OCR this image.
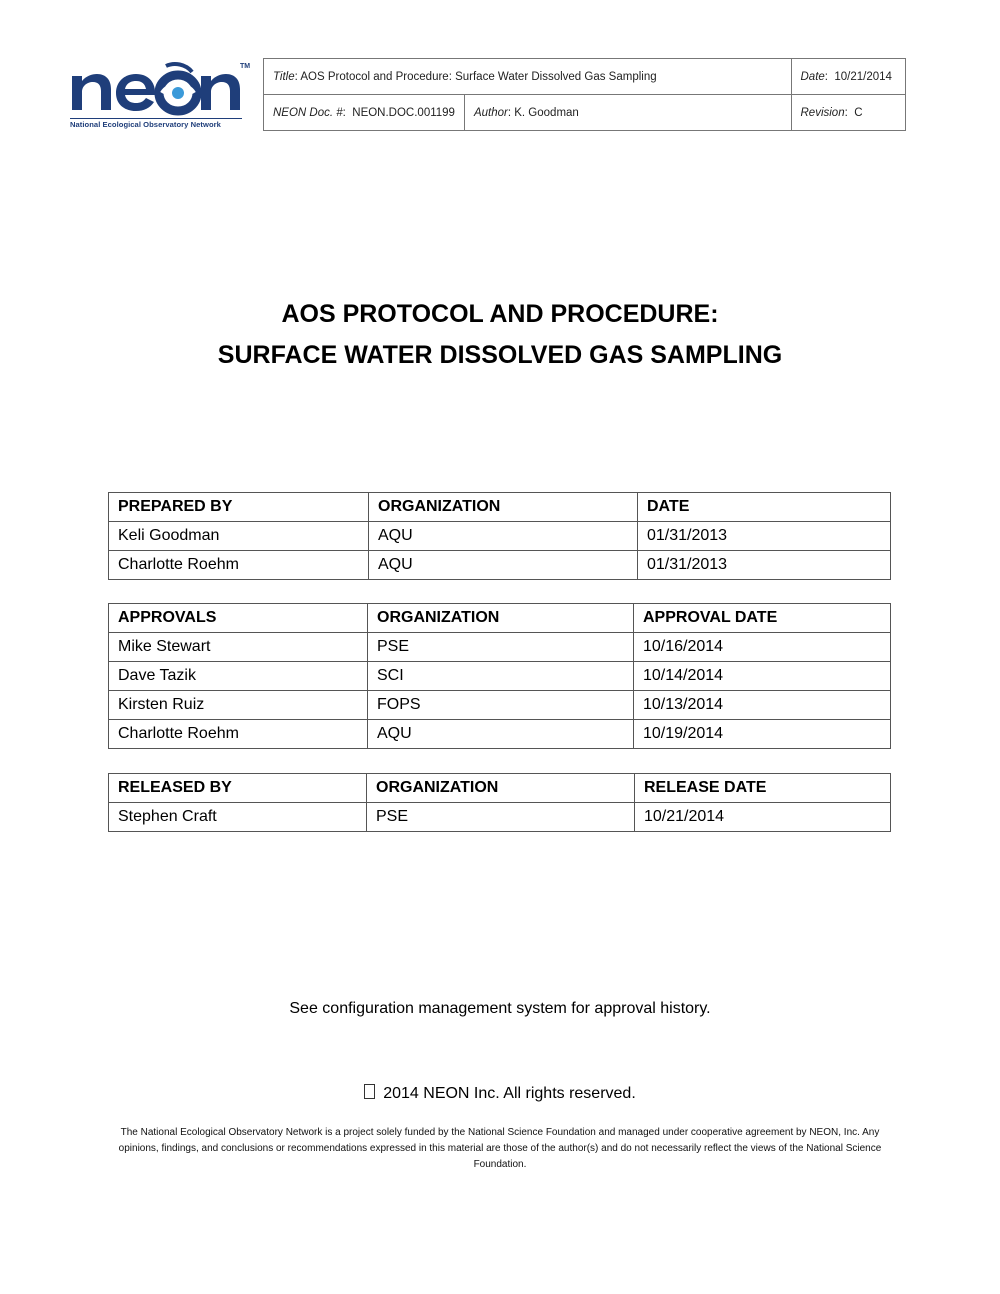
TM
National Ecological Observatory Network
Title: AOS Protocol and Procedure: Surface Water Dissolved Gas Sampling		Date:  10/21/2014
NEON Doc. #:  NEON.DOC.001199	Author: K. Goodman	Revision:  C
AOS PROTOCOL AND PROCEDURE:
SURFACE WATER DISSOLVED GAS SAMPLING
PREPARED BY	ORGANIZATION	DATE
Keli Goodman	AQU	01/31/2013
Charlotte Roehm	AQU	01/31/2013
APPROVALS	ORGANIZATION	APPROVAL DATE
Mike Stewart	PSE	10/16/2014
Dave Tazik	SCI	10/14/2014
Kirsten Ruiz	FOPS	10/13/2014
Charlotte Roehm	AQU	10/19/2014
RELEASED BY	ORGANIZATION	RELEASE DATE
Stephen Craft	PSE	10/21/2014
See configuration management system for approval history.
2014 NEON Inc. All rights reserved.
The National Ecological Observatory Network is a project solely funded by the National Science Foundation and managed under cooperative agreement by NEON, Inc. Any opinions, findings, and conclusions or recommendations expressed in this material are those of the author(s) and do not necessarily reflect the views of the National Science Foundation.
